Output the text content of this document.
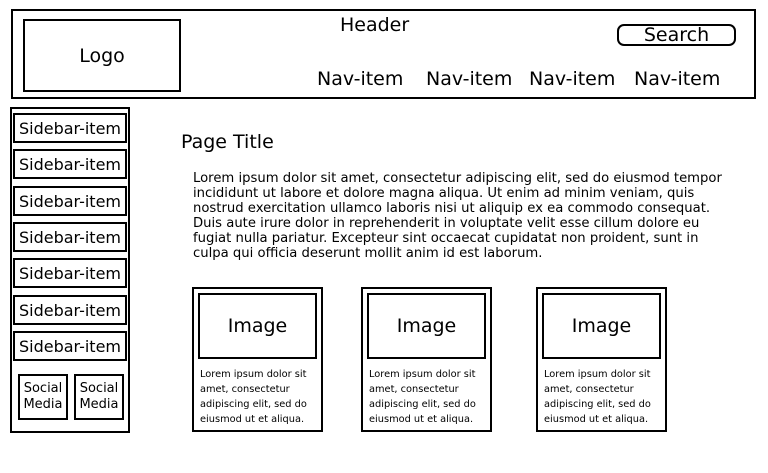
Logo
Header	Search
Nav-item Nav-item Nav-item Nav-item
Sidebar-item
Sidebar-item
Sidebar-item
Sidebar-item
Sidebar-item
Sidebar-item
Sidebar-item
Social
Media
Social
Media
Page Title
Lorem ipsum dolor sit amet, consectetur adipiscing elit, sed do eiusmod tempor incididunt ut labore et dolore magna aliqua. Ut enim ad minim veniam, quis nostrud exercitation ullamco laboris nisi ut aliquip ex ea commodo consequat. Duis aute irure dolor in reprehenderit in voluptate velit esse cillum dolore eu fugiat nulla pariatur. Excepteur sint occaecat cupidatat non proident, sunt in culpa qui officia deserunt mollit anim id est laborum.
Image
Lorem ipsum dolor sit amet, consectetur adipiscing elit, sed do eiusmod ut et aliqua.
Image
Lorem ipsum dolor sit amet, consectetur adipiscing elit, sed do eiusmod ut et aliqua.
Image
Lorem ipsum dolor sit amet, consectetur adipiscing elit, sed do eiusmod ut et aliqua.
